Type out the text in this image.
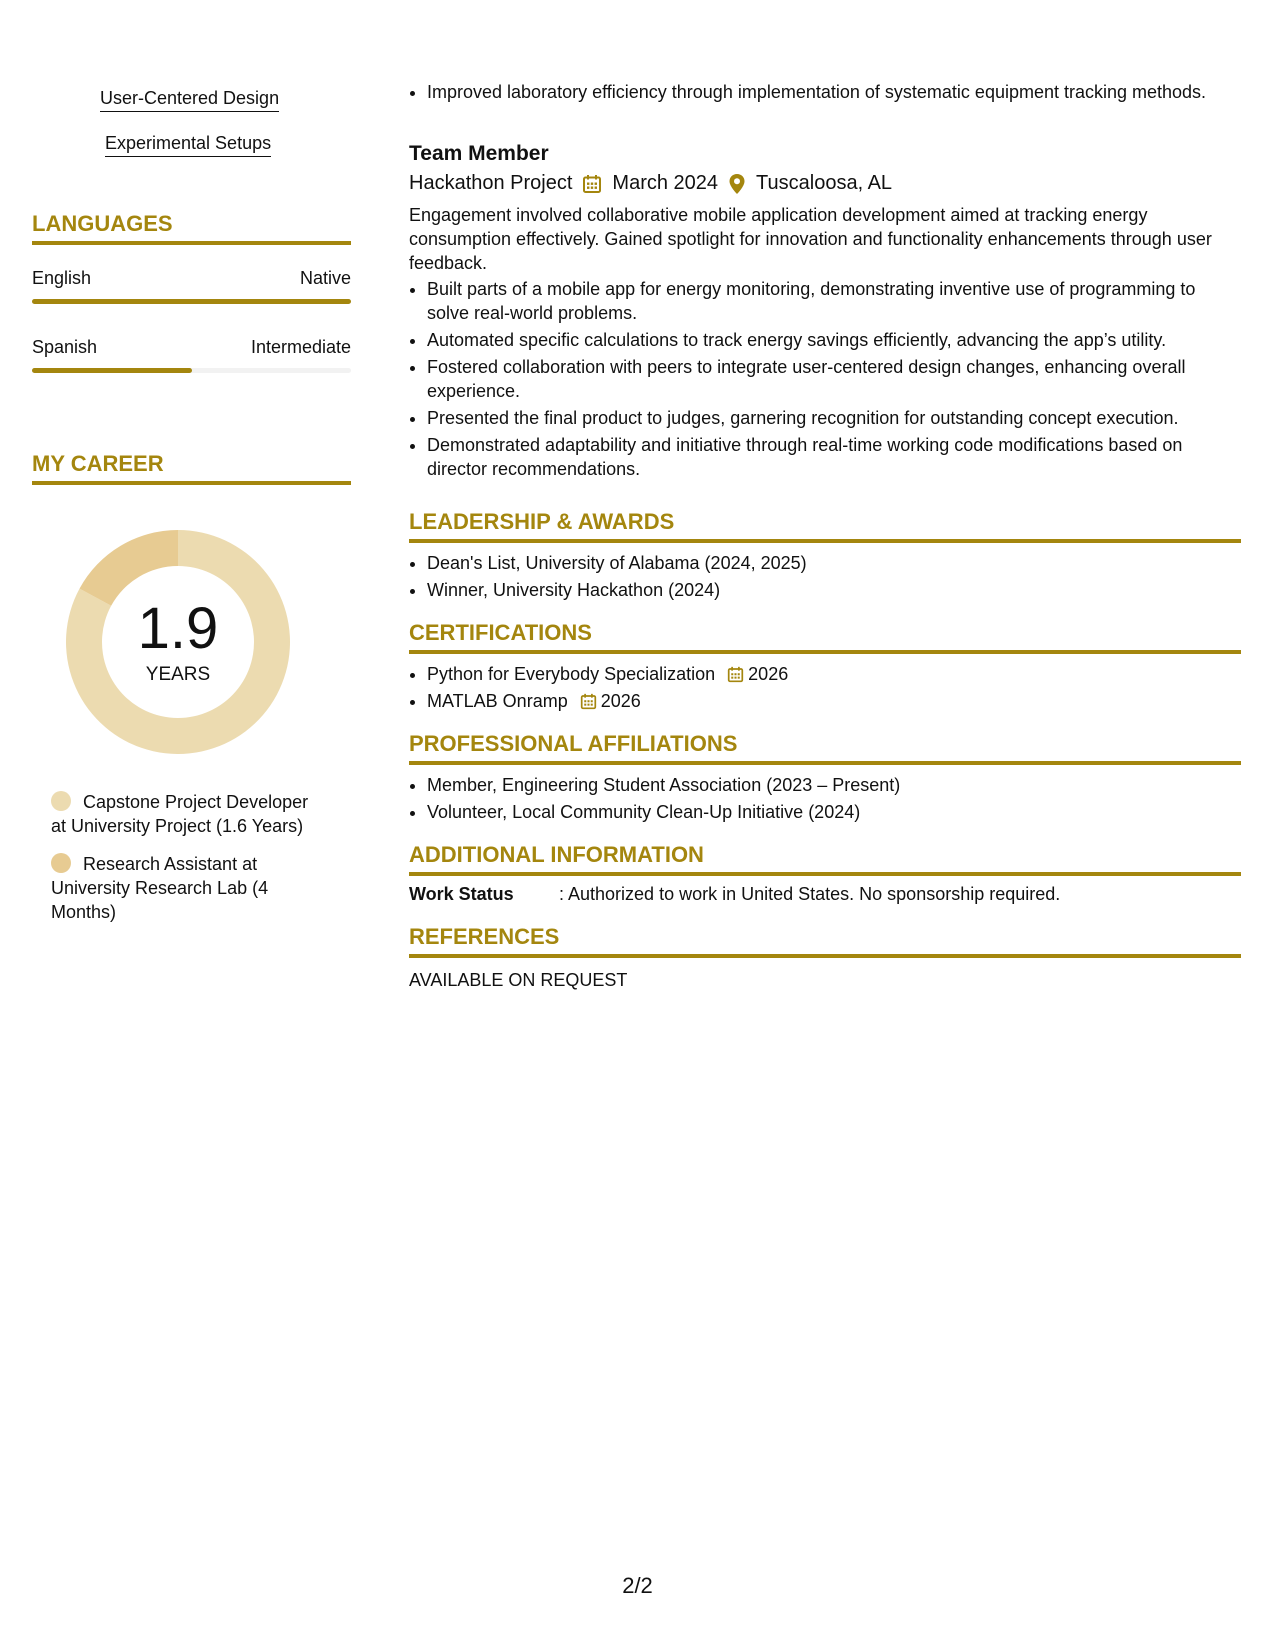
User-Centered Design
Experimental Setups
LANGUAGES
English	Native
Spanish	Intermediate
MY CAREER
1.9
YEARS
Capstone Project Developer at University Project (1.6 Years)
Research Assistant at University Research Lab (4 Months)
• Improved laboratory efficiency through implementation of systematic equipment tracking methods.
Team Member
Hackathon Project March 2024 Tuscaloosa, AL
Engagement involved collaborative mobile application development aimed at tracking energy consumption effectively. Gained spotlight for innovation and functionality enhancements through user feedback.
• Built parts of a mobile app for energy monitoring, demonstrating inventive use of programming to solve real-world problems.
• Automated specific calculations to track energy savings efficiently, advancing the app’s utility.
• Fostered collaboration with peers to integrate user-centered design changes, enhancing overall experience.
• Presented the final product to judges, garnering recognition for outstanding concept execution.
• Demonstrated adaptability and initiative through real-time working code modifications based on director recommendations.
LEADERSHIP & AWARDS
• Dean's List, University of Alabama (2024, 2025)
• Winner, University Hackathon (2024)
CERTIFICATIONS
• Python for Everybody Specialization 2026
• MATLAB Onramp 2026
PROFESSIONAL AFFILIATIONS
• Member, Engineering Student Association (2023 – Present)
• Volunteer, Local Community Clean-Up Initiative (2024)
ADDITIONAL INFORMATION
Work Status	: Authorized to work in United States. No sponsorship required.
REFERENCES
AVAILABLE ON REQUEST
2/2
